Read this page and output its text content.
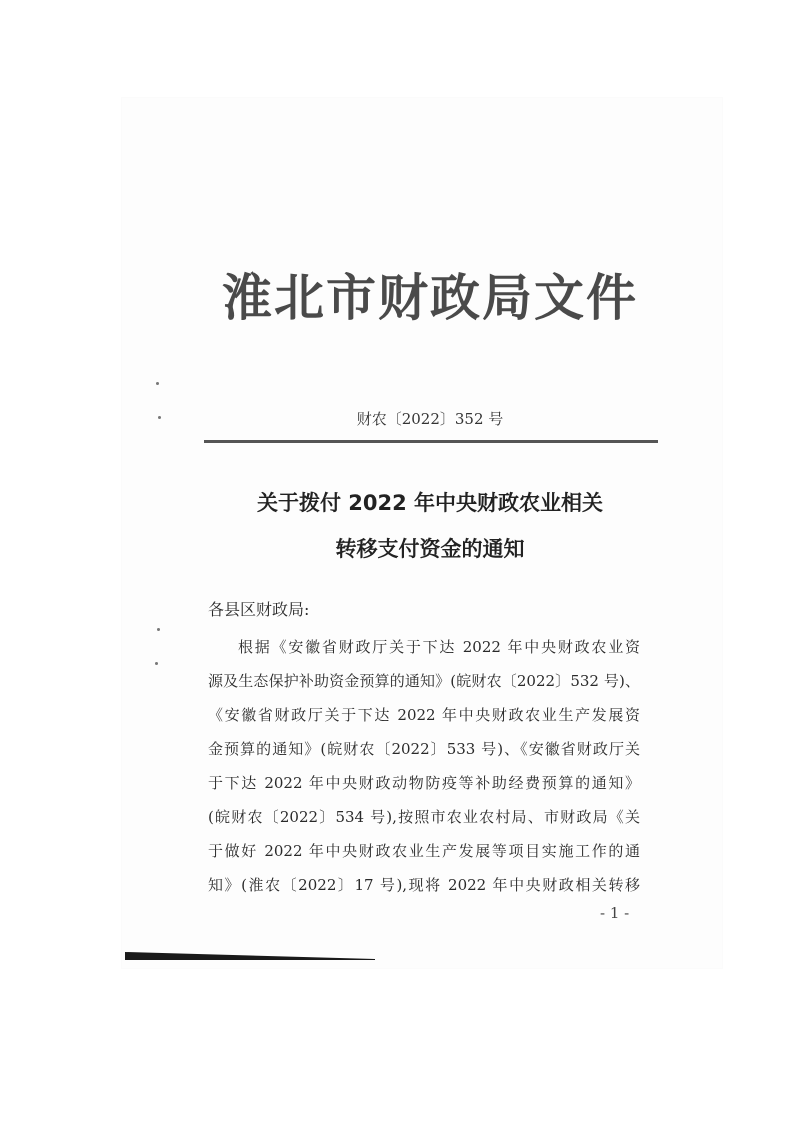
淮北市财政局文件
财农〔2022〕352 号
关于拨付 2022 年中央财政农业相关
转移支付资金的通知
各县区财政局:
根据《安徽省财政厅关于下达 2022 年中央财政农业资
源及生态保护补助资金预算的通知》(皖财农〔2022〕532 号)、
《安徽省财政厅关于下达 2022 年中央财政农业生产发展资
金预算的通知》(皖财农〔2022〕533 号)、《安徽省财政厅关
于下达 2022 年中央财政动物防疫等补助经费预算的通知》
(皖财农〔2022〕534 号),按照市农业农村局、市财政局《关
于做好 2022 年中央财政农业生产发展等项目实施工作的通
知》(淮农〔2022〕17 号),现将 2022 年中央财政相关转移
- 1 -
